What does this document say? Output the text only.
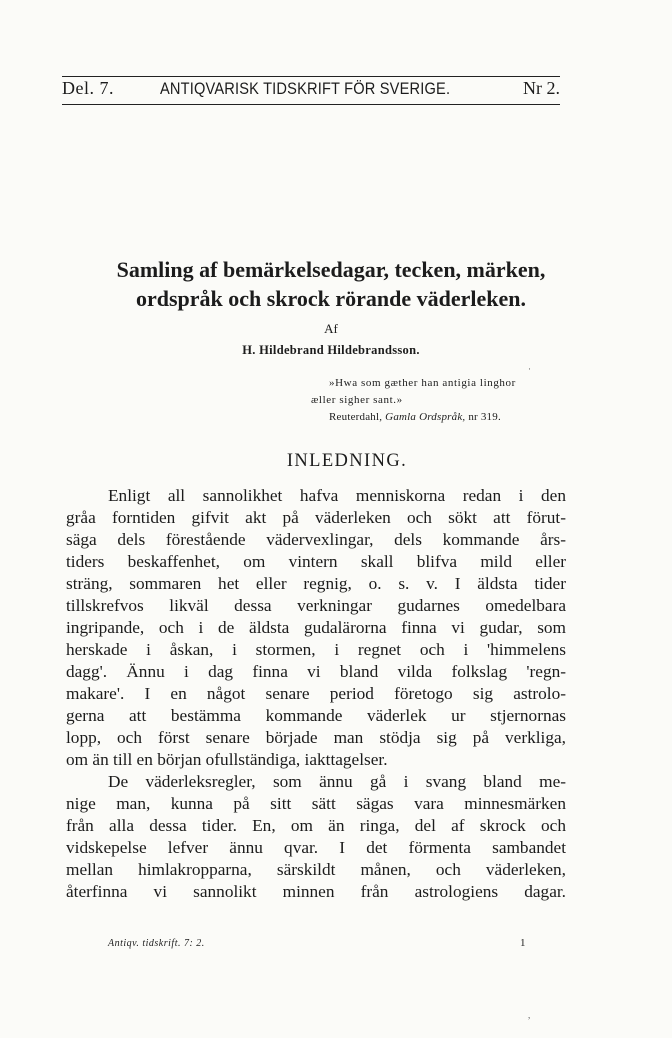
Del. 7.	ANTIQVARISK TIDSKRIFT FÖR SVERIGE.	Nr 2.
Samling af bemärkelsedagar, tecken, märken,
ordspråk och skrock rörande väderleken.
Af
H. Hildebrand Hildebrandsson.
·
»Hwa som gæther han antigia linghor
æller sigher sant.»
Reuterdahl, Gamla Ordspråk, nr 319.
INLEDNING.
Enligt all sannolikhet hafva menniskorna redan i den
gråa forntiden gifvit akt på väderleken och sökt att förut-
säga dels förestående vädervexlingar, dels kommande års-
tiders beskaffenhet, om vintern skall blifva mild eller
sträng, sommaren het eller regnig, o. s. v. I äldsta tider
tillskrefvos likväl dessa verkningar gudarnes omedelbara
ingripande, och i de äldsta gudalärorna finna vi gudar, som
herskade i åskan, i stormen, i regnet och i 'himmelens
dagg'. Ännu i dag finna vi bland vilda folkslag 'regn-
makare'. I en något senare period företogo sig astrolo-
gerna att bestämma kommande väderlek ur stjernornas
lopp, och först senare började man stödja sig på verkliga,
om än till en början ofullständiga, iakttagelser.
De väderleksregler, som ännu gå i svang bland me-
nige man, kunna på sitt sätt sägas vara minnesmärken
från alla dessa tider. En, om än ringa, del af skrock och
vidskepelse lefver ännu qvar. I det förmenta sambandet
mellan himlakropparna, särskildt månen, och väderleken,
återfinna vi sannolikt minnen från astrologiens dagar.
Antiqv. tidskrift. 7: 2.	1
,
